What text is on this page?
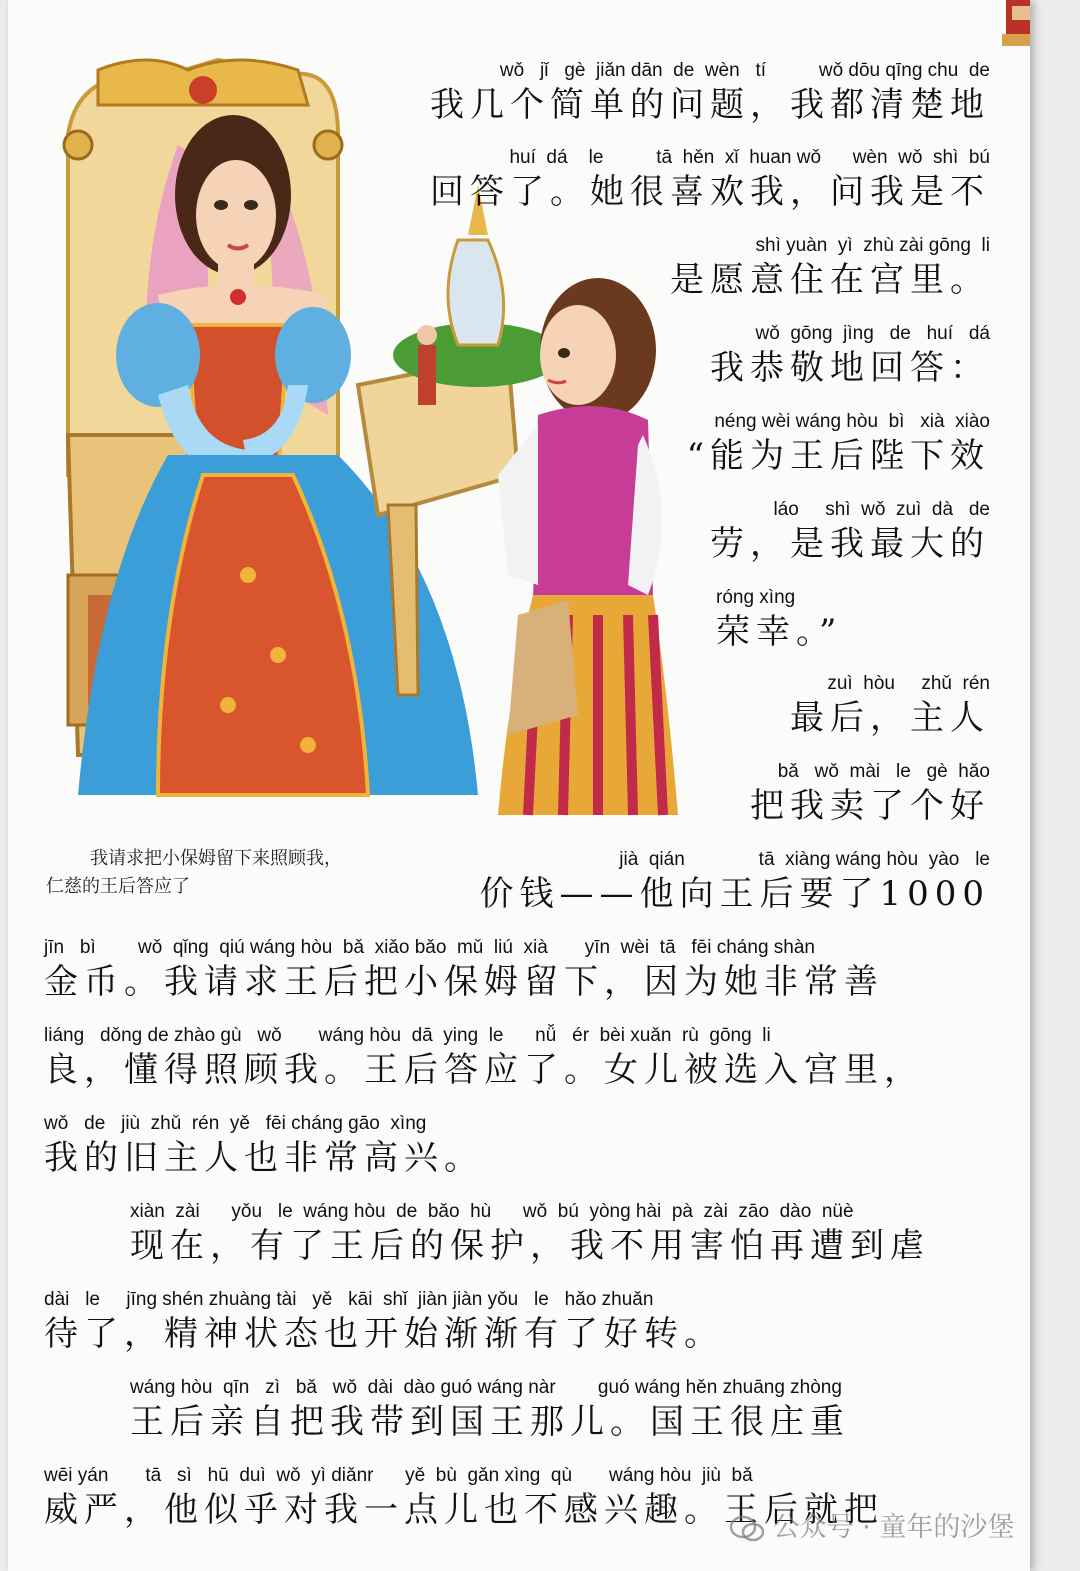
我请求把小保姆留下来照顾我，
仁慈的王后答应了
wǒ   jǐ   gè  jiǎn dān  de  wèn   tí          wǒ dōu qīng chu  de
我几个简单的问题，我都清楚地
huí  dá    le          tā  hěn  xǐ  huan wǒ      wèn  wǒ  shì  bú
回答了。她很喜欢我，问我是不
shì yuàn  yì  zhù zài gōng  li
是愿意住在宫里。
wǒ  gōng  jìng   de   huí   dá
我恭敬地回答：
néng wèi wáng hòu  bì   xià  xiào
“能为王后陛下效
láo     shì  wǒ  zuì  dà   de
劳，是我最大的
róng xìng
荣幸。”
zuì  hòu     zhǔ  rén
最后，主人
bǎ   wǒ  mài   le   gè  hǎo
把我卖了个好
jià  qián              tā  xiàng wáng hòu  yào   le
价钱——他向王后要了1000
jīn   bì        wǒ  qǐng  qiú wáng hòu  bǎ  xiǎo bǎo  mǔ  liú  xià       yīn  wèi  tā   fēi cháng shàn
金币。我请求王后把小保姆留下，因为她非常善
liáng   dǒng de zhào gù   wǒ       wáng hòu  dā  ying  le      nǚ   ér  bèi xuǎn  rù  gōng  li
良，懂得照顾我。王后答应了。女儿被选入宫里，
wǒ   de   jiù  zhǔ  rén  yě   fēi cháng gāo  xìng
我的旧主人也非常高兴。
xiàn  zài      yǒu   le  wáng hòu  de  bǎo  hù      wǒ  bú  yòng hài  pà  zài  zāo  dào  nüè
现在，有了王后的保护，我不用害怕再遭到虐
dài   le     jīng shén zhuàng tài   yě   kāi  shǐ  jiàn jiàn yǒu   le   hǎo zhuǎn
待了，精神状态也开始渐渐有了好转。
wáng hòu  qīn   zì   bǎ   wǒ  dài  dào guó wáng nàr        guó wáng hěn zhuāng zhòng
王后亲自把我带到国王那儿。国王很庄重
wēi yán       tā   sì   hū  duì  wǒ  yì diǎnr      yě  bù  gǎn xìng  qù       wáng hòu  jiù  bǎ
威严，他似乎对我一点儿也不感兴趣。王后就把
公众号 · 童年的沙堡
